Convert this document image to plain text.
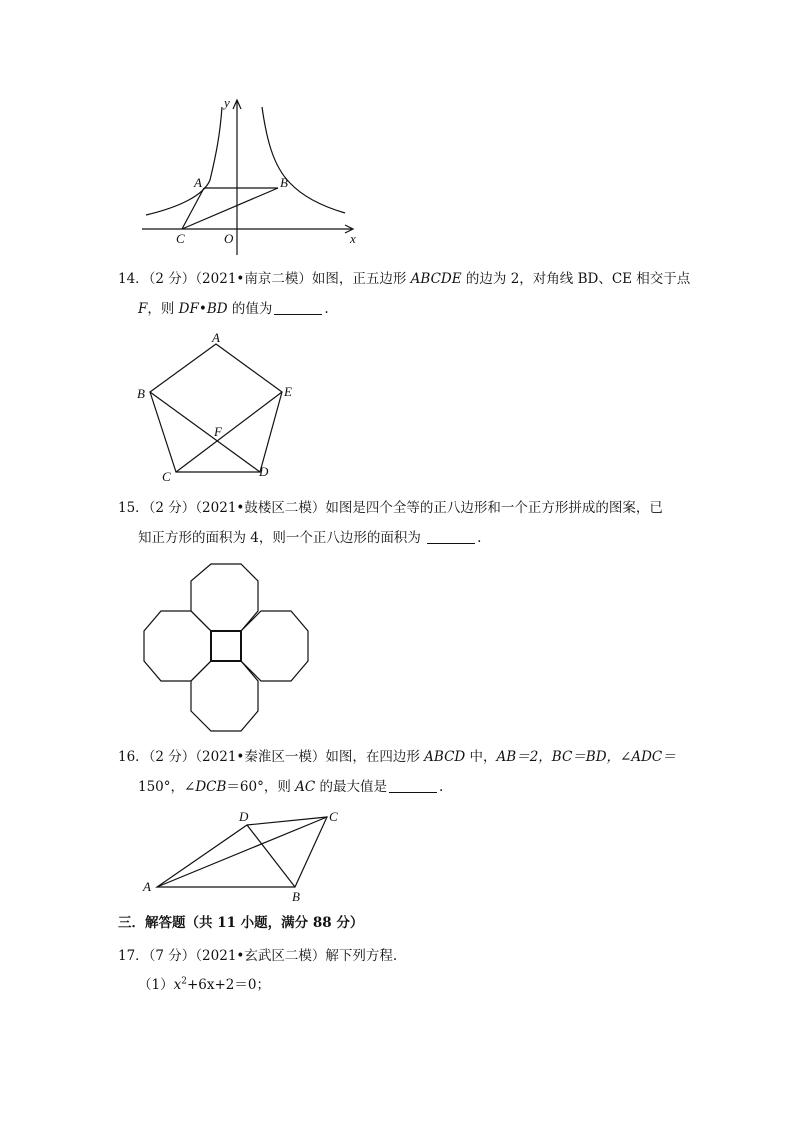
y
x
A	B
C	O
14．（2 分）（2021•南京二模）如图，正五边形 ABCDE 的边为 2，对角线 BD、CE 相交于点
F，则 DF•BD 的值为	.
A
B
C	D
E
F
15．（2 分）（2021•鼓楼区二模）如图是四个全等的正八边形和一个正方形拼成的图案，已
知正方形的面积为 4，则一个正八边形的面积为	.
16．（2 分）（2021•秦淮区一模）如图，在四边形 ABCD 中，AB＝2，BC＝BD，∠ADC＝
150°，∠DCB＝60°，则 AC 的最大值是	.
A
B
C
D
三．解答题（共 11 小题，满分 88 分）
17．（7 分）（2021•玄武区二模）解下列方程.
$(1)x^2+6x+2=0$；
